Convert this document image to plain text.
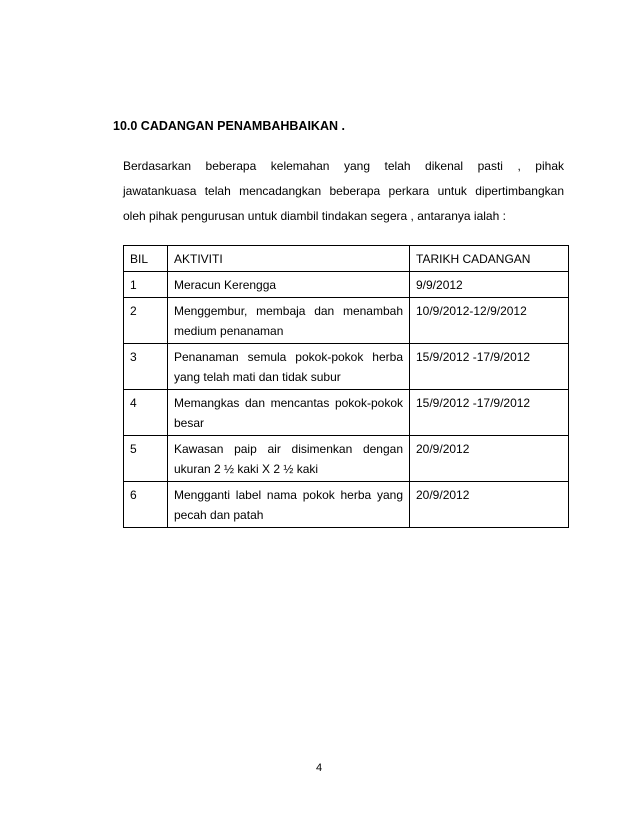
10.0 CADANGAN PENAMBAHBAIKAN .

Berdasarkan beberapa kelemahan yang telah dikenal pasti , pihak

jawatankuasa telah mencadangkan beberapa perkara untuk dipertimbangkan

oleh pihak pengurusan untuk diambil tindakan segera , antaranya ialah :

BIL	AKTIVITI	TARIKH CADANGAN
1	Meracun Kerengga	9/9/2012
2	Menggembur, membaja dan menambah
medium penanaman	10/9/2012-12/9/2012
3	Penanaman semula pokok-pokok herba
yang telah mati dan tidak subur	15/9/2012 -17/9/2012
4	Memangkas dan mencantas pokok-pokok
besar	15/9/2012 -17/9/2012
5	Kawasan paip air disimenkan dengan
ukuran 2 ½ kaki X 2 ½ kaki	20/9/2012
6	Mengganti label nama pokok herba yang
pecah dan patah	20/9/2012
4
